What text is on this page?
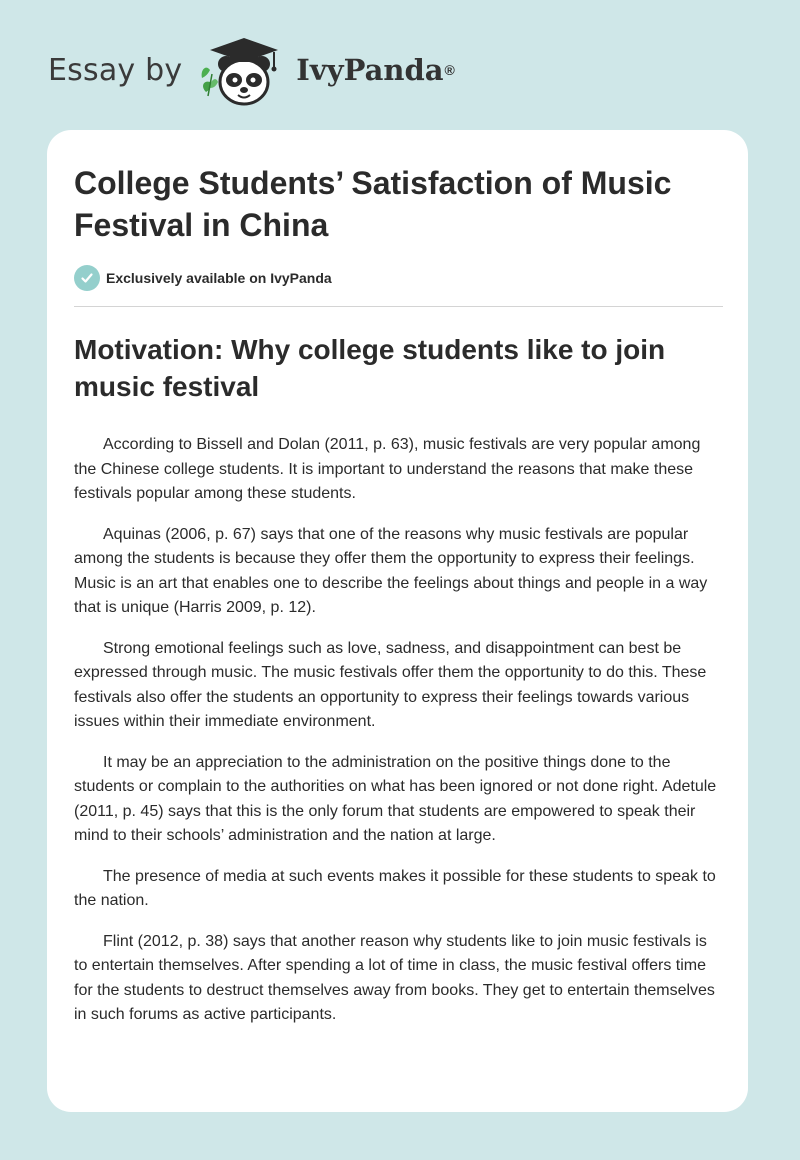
Essay by	IvyPanda ®
College Students’ Satisfaction of Music Festival in China
Exclusively available on IvyPanda
Motivation: Why college students like to join music festival

According to Bissell and Dolan (2011, p. 63), music festivals are very popular among the Chinese college students. It is important to understand the reasons that make these festivals popular among these students.

Aquinas (2006, p. 67) says that one of the reasons why music festivals are popular among the students is because they offer them the opportunity to express their feelings. Music is an art that enables one to describe the feelings about things and people in a way that is unique (Harris 2009, p. 12).

Strong emotional feelings such as love, sadness, and disappointment can best be expressed through music. The music festivals offer them the opportunity to do this. These festivals also offer the students an opportunity to express their feelings towards various issues within their immediate environment.

It may be an appreciation to the administration on the positive things done to the students or complain to the authorities on what has been ignored or not done right. Adetule (2011, p. 45) says that this is the only forum that students are empowered to speak their mind to their schools’ administration and the nation at large.

The presence of media at such events makes it possible for these students to speak to the nation.

Flint (2012, p. 38) says that another reason why students like to join music festivals is to entertain themselves. After spending a lot of time in class, the music festival offers time for the students to destruct themselves away from books. They get to entertain themselves in such forums as active participants.
